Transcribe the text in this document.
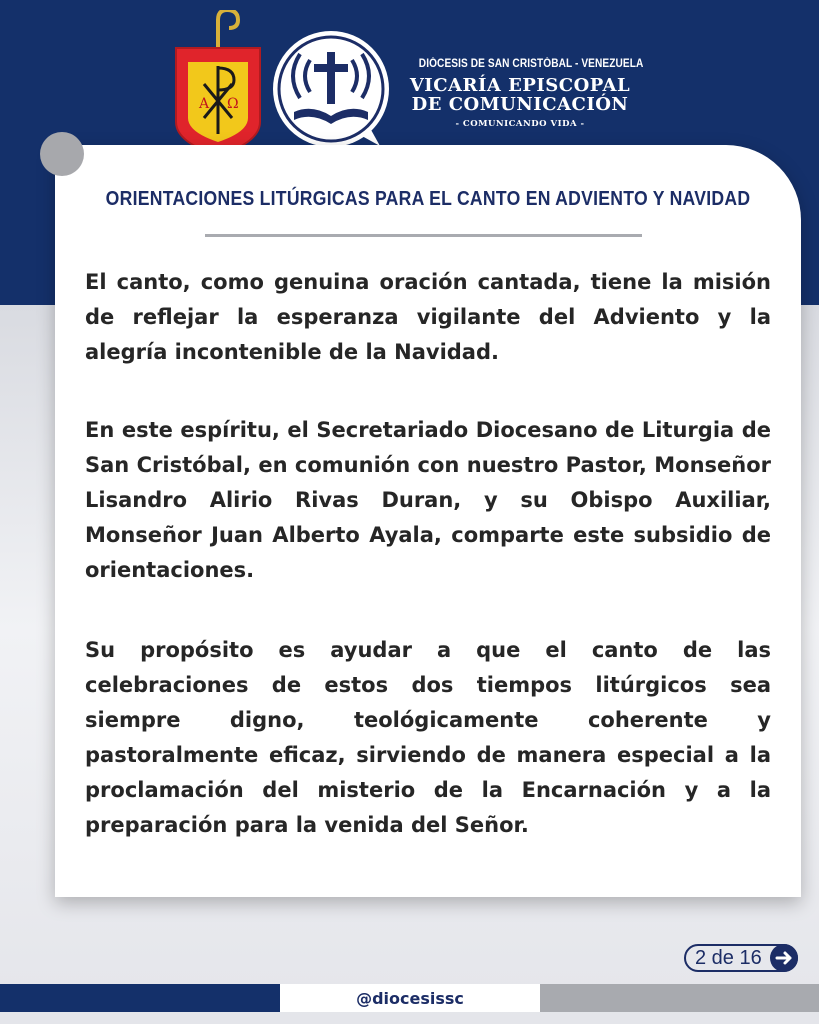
Α Ω
DIÓCESIS DE SAN CRISTÓBAL - VENEZUELA
VICARÍA EPISCOPAL
DE COMUNICACIÓN
- COMUNICANDO VIDA -
ORIENTACIONES LITÚRGICAS PARA EL CANTO EN ADVIENTO Y NAVIDAD

El canto, como genuina oración cantada, tiene la misión de reflejar la esperanza vigilante del Adviento y la alegría incontenible de la Navidad.

En este espíritu, el Secretariado Diocesano de Liturgia de San Cristóbal, en comunión con nuestro Pastor, Monseñor Lisandro Alirio Rivas Duran, y su Obispo Auxiliar, Monseñor Juan Alberto Ayala, comparte este subsidio de orientaciones.

Su propósito es ayudar a que el canto de las celebraciones de estos dos tiempos litúrgicos sea siempre digno, teológicamente coherente y pastoralmente eficaz, sirviendo de manera especial a la proclamación del misterio de la Encarnación y a la preparación para la venida del Señor.

2 de 16
@diocesissc
